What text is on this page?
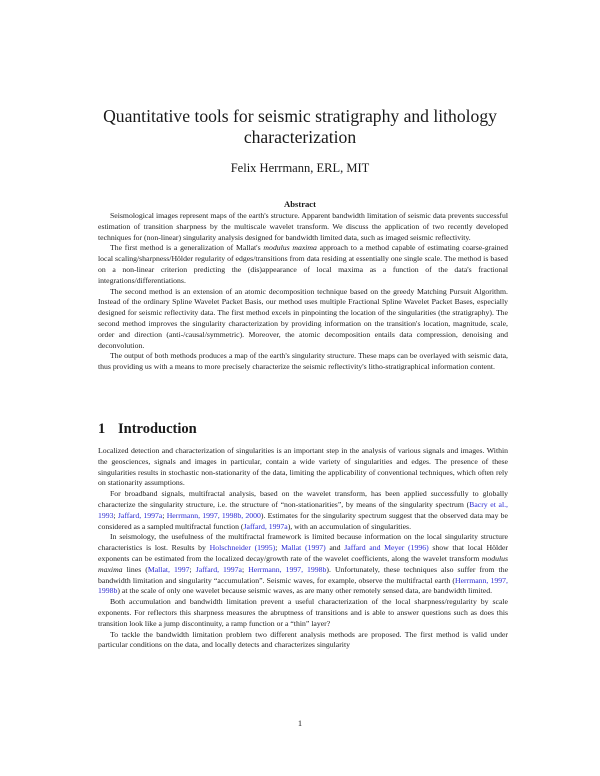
Quantitative tools for seismic stratigraphy and lithology characterization
Felix Herrmann, ERL, MIT
Abstract

Seismological images represent maps of the earth's structure. Apparent bandwidth limitation of seismic data prevents successful estimation of transition sharpness by the multiscale wavelet transform. We discuss the application of two recently developed techniques for (non-linear) singularity analysis designed for bandwidth limited data, such as imaged seismic reflectivity.

The first method is a generalization of Mallat's modulus maxima approach to a method capable of estimating coarse-grained local scaling/sharpness/Hölder regularity of edges/transitions from data residing at essentially one single scale. The method is based on a non-linear criterion predicting the (dis)appearance of local maxima as a function of the data's fractional integrations/differentiations.

The second method is an extension of an atomic decomposition technique based on the greedy Matching Pursuit Algorithm. Instead of the ordinary Spline Wavelet Packet Basis, our method uses multiple Fractional Spline Wavelet Packet Bases, especially designed for seismic reflectivity data. The first method excels in pinpointing the location of the singularities (the stratigraphy). The second method improves the singularity characterization by providing information on the transition's location, magnitude, scale, order and direction (anti-/causal/symmetric). Moreover, the atomic decomposition entails data compression, denoising and deconvolution.

The output of both methods produces a map of the earth's singularity structure. These maps can be overlayed with seismic data, thus providing us with a means to more precisely characterize the seismic reflectivity's litho-stratigraphical information content.

1 Introduction

Localized detection and characterization of singularities is an important step in the analysis of various signals and images. Within the geosciences, signals and images in particular, contain a wide variety of singularities and edges. The presence of these singularities results in stochastic non-stationarity of the data, limiting the applicability of conventional techniques, which often rely on stationarity assumptions.

For broadband signals, multifractal analysis, based on the wavelet transform, has been applied successfully to globally characterize the singularity structure, i.e. the structure of “non-stationarities”, by means of the singularity spectrum (Bacry et al., 1993; Jaffard, 1997a; Herrmann, 1997, 1998b, 2000). Estimates for the singularity spectrum suggest that the observed data may be considered as a sampled multifractal function (Jaffard, 1997a), with an accumulation of singularities.

In seismology, the usefulness of the multifractal framework is limited because information on the local singularity structure characteristics is lost. Results by Holschneider (1995); Mallat (1997) and Jaffard and Meyer (1996) show that local Hölder exponents can be estimated from the localized decay/growth rate of the wavelet coefficients, along the wavelet transform modulus maxima lines (Mallat, 1997; Jaffard, 1997a; Herrmann, 1997, 1998b). Unfortunately, these techniques also suffer from the bandwidth limitation and singularity “accumulation”. Seismic waves, for example, observe the multifractal earth (Herrmann, 1997, 1998b) at the scale of only one wavelet because seismic waves, as are many other remotely sensed data, are bandwidth limited.

Both accumulation and bandwidth limitation prevent a useful characterization of the local sharpness/regularity by scale exponents. For reflectors this sharpness measures the abruptness of transitions and is able to answer questions such as does this transition look like a jump discontinuity, a ramp function or a “thin” layer?

To tackle the bandwidth limitation problem two different analysis methods are proposed. The first method is valid under particular conditions on the data, and locally detects and characterizes singularity

1
